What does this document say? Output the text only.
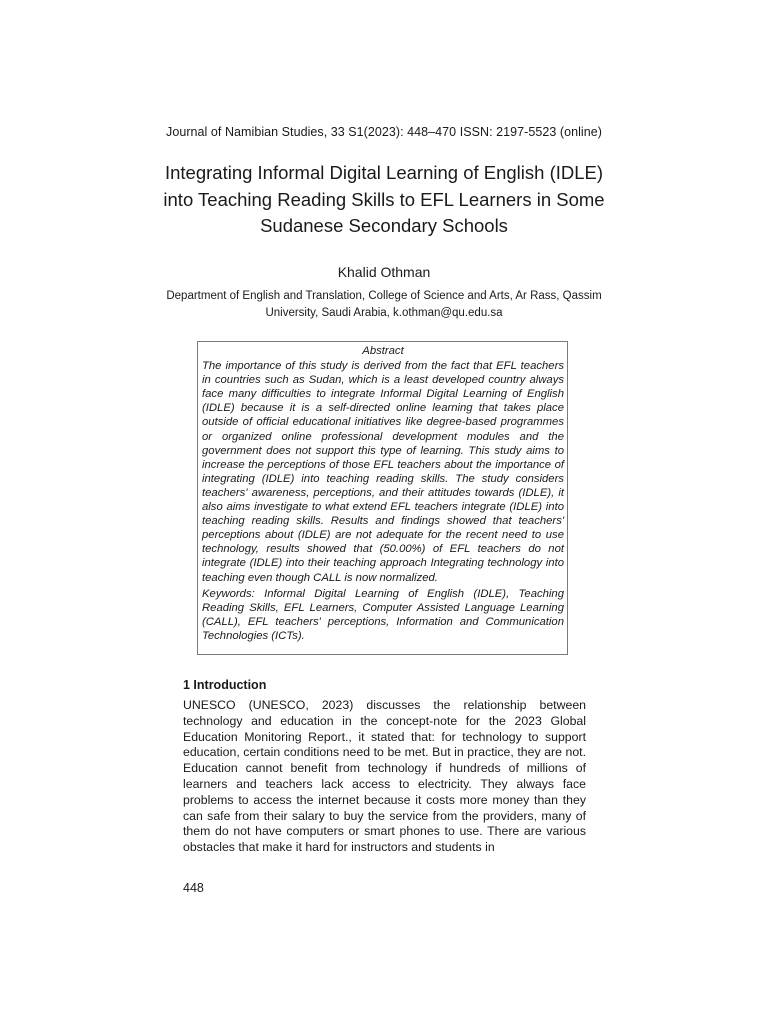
Journal of Namibian Studies, 33 S1(2023): 448–470 ISSN: 2197-5523 (online)
Integrating Informal Digital Learning of English (IDLE) into Teaching Reading Skills to EFL Learners in Some Sudanese Secondary Schools
Khalid Othman
Department of English and Translation, College of Science and Arts, Ar Rass, Qassim University, Saudi Arabia, k.othman@qu.edu.sa
Abstract

The importance of this study is derived from the fact that EFL teachers in countries such as Sudan, which is a least developed country always face many difficulties to integrate Informal Digital Learning of English (IDLE) because it is a self-directed online learning that takes place outside of official educational initiatives like degree-based programmes or organized online professional development modules and the government does not support this type of learning. This study aims to increase the perceptions of those EFL teachers about the importance of integrating (IDLE) into teaching reading skills. The study considers teachers' awareness, perceptions, and their attitudes towards (IDLE), it also aims investigate to what extend EFL teachers integrate (IDLE) into teaching reading skills. Results and findings showed that teachers' perceptions about (IDLE) are not adequate for the recent need to use technology, results showed that (50.00%) of EFL teachers do not integrate (IDLE) into their teaching approach Integrating technology into teaching even though CALL is now normalized.

Keywords: Informal Digital Learning of English (IDLE), Teaching Reading Skills, EFL Learners, Computer Assisted Language Learning (CALL), EFL teachers' perceptions, Information and Communication Technologies (ICTs).

1 Introduction

UNESCO (UNESCO, 2023) discusses the relationship between technology and education in the concept-note for the 2023 Global Education Monitoring Report., it stated that: for technology to support education, certain conditions need to be met. But in practice, they are not. Education cannot benefit from technology if hundreds of millions of learners and teachers lack access to electricity. They always face problems to access the internet because it costs more money than they can safe from their salary to buy the service from the providers, many of them do not have computers or smart phones to use. There are various obstacles that make it hard for instructors and students in

448
